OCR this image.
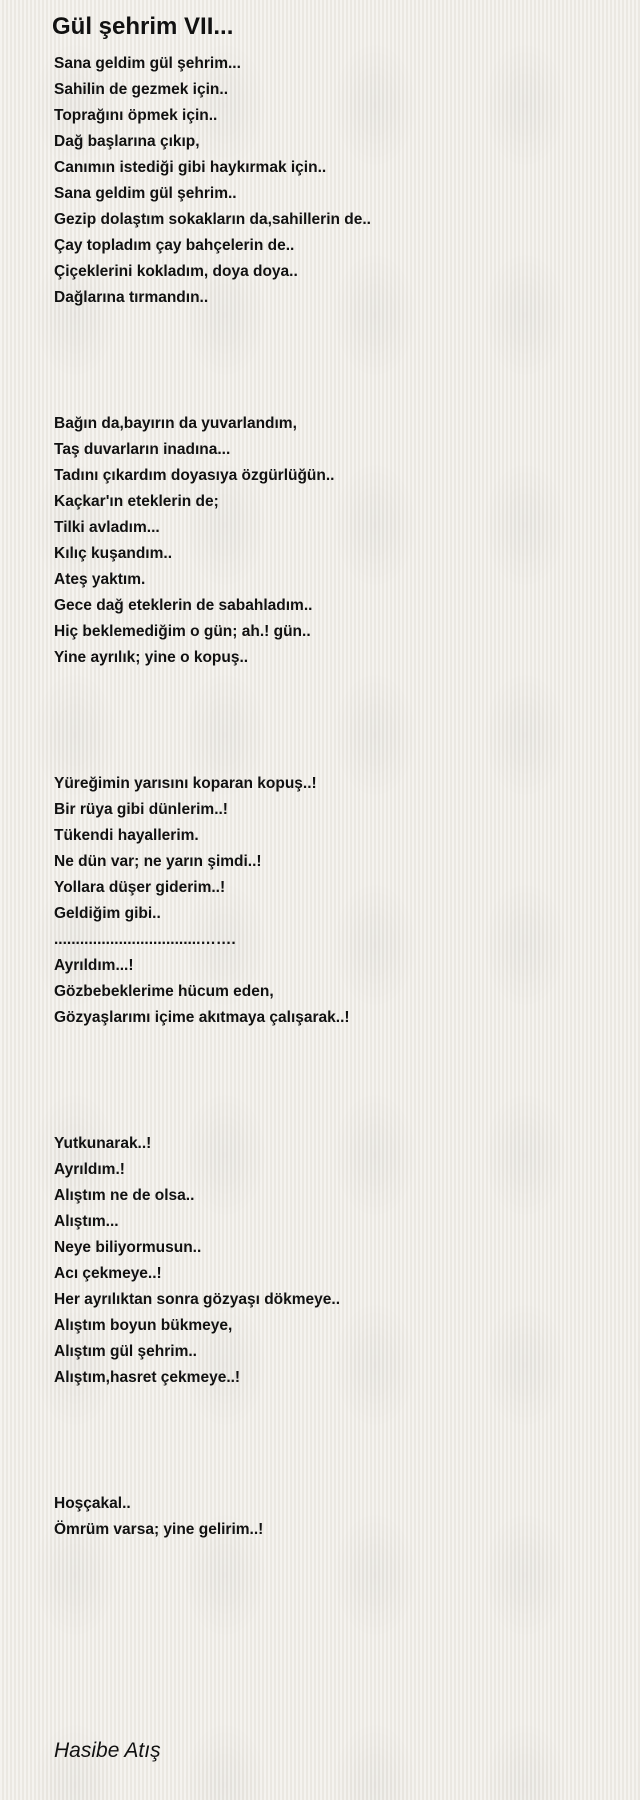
Gül şehrim VII...
Sana geldim gül şehrim...
Sahilin de gezmek için..
Toprağını öpmek için..
Dağ başlarına çıkıp,
Canımın istediği gibi haykırmak için..
Sana geldim gül şehrim..
Gezip dolaştım sokakların da,sahillerin de..
Çay topladım çay bahçelerin de..
Çiçeklerini kokladım, doya doya..
Dağlarına tırmandın..
Bağın da,bayırın da yuvarlandım,
Taş duvarların inadına...
Tadını çıkardım doyasıya özgürlüğün..
Kaçkar'ın eteklerin de;
Tilki avladım...
Kılıç kuşandım..
Ateş yaktım.
Gece dağ eteklerin de sabahladım..
Hiç beklemediğim o gün; ah.! gün..
Yine ayrılık; yine o kopuş..
Yüreğimin yarısını koparan kopuş..!
Bir rüya gibi dünlerim..!
Tükendi hayallerim.
Ne dün var; ne yarın şimdi..!
Yollara düşer giderim..!
Geldiğim gibi..
..................................…….
Ayrıldım...!
Gözbebeklerime hücum eden,
Gözyaşlarımı içime akıtmaya çalışarak..!
Yutkunarak..!
Ayrıldım.!
Alıştım ne de olsa..
Alıştım...
Neye biliyormusun..
Acı çekmeye..!
Her ayrılıktan sonra gözyaşı dökmeye..
Alıştım boyun bükmeye,
Alıştım gül şehrim..
Alıştım,hasret çekmeye..!
Hoşçakal..
Ömrüm varsa; yine gelirim..!
Hasibe Atış
